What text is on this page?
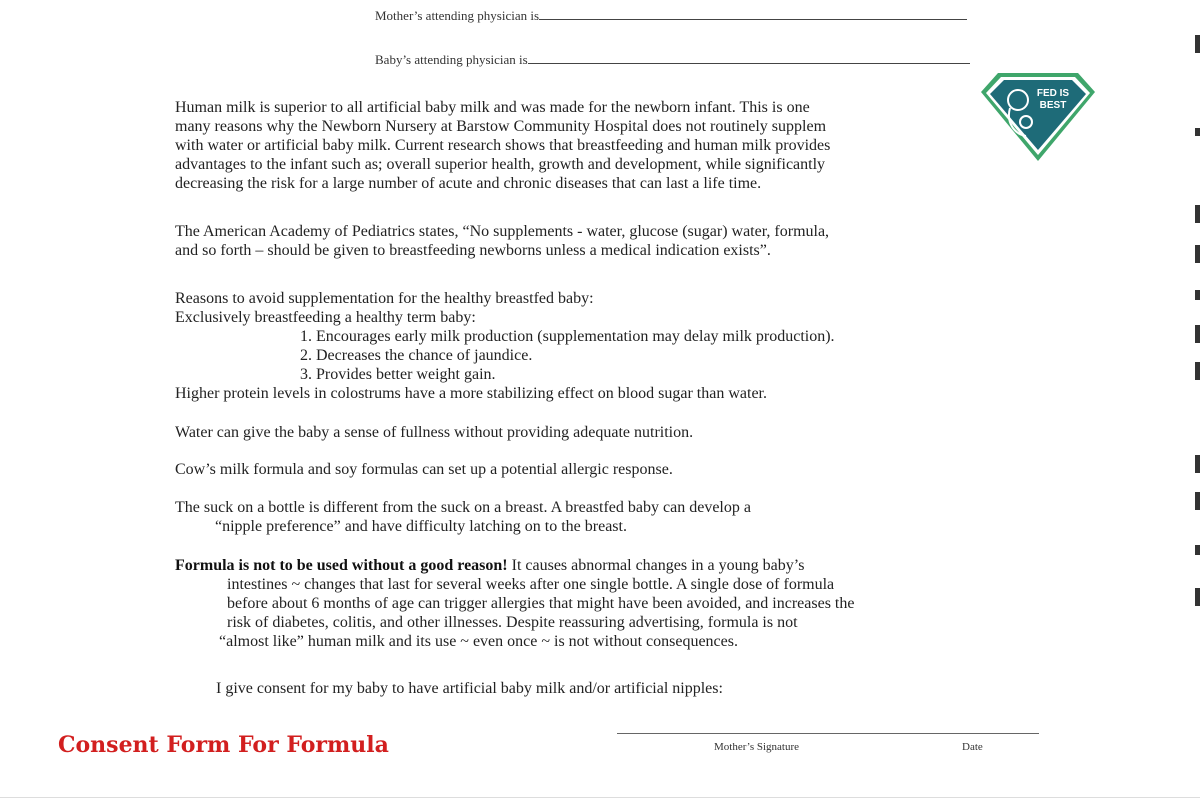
Mother’s attending physician is
Baby’s attending physician is
Human milk is superior to all artificial baby milk and was made for the newborn infant. This is one
many reasons why the Newborn Nursery at Barstow Community Hospital does not routinely supplem
with water or artificial baby milk. Current research shows that breastfeeding and human milk provides
advantages to the infant such as; overall superior health, growth and development, while significantly
decreasing the risk for a large number of acute and chronic diseases that can last a life time.
The American Academy of Pediatrics states, “No supplements - water, glucose (sugar) water, formula,
and so forth – should be given to breastfeeding newborns unless a medical indication exists”.
Reasons to avoid supplementation for the healthy breastfed baby:
Exclusively breastfeeding a healthy term baby:
1. Encourages early milk production (supplementation may delay milk production).
2. Decreases the chance of jaundice.
3. Provides better weight gain.
Higher protein levels in colostrums have a more stabilizing effect on blood sugar than water.
Water can give the baby a sense of fullness without providing adequate nutrition.
Cow’s milk formula and soy formulas can set up a potential allergic response.
The suck on a bottle is different from the suck on a breast. A breastfed baby can develop a
“nipple preference” and have difficulty latching on to the breast.
Formula is not to be used without a good reason! It causes abnormal changes in a young baby’s
intestines ~ changes that last for several weeks after one single bottle. A single dose of formula
before about 6 months of age can trigger allergies that might have been avoided, and increases the
risk of diabetes, colitis, and other illnesses. Despite reassuring advertising, formula is not
“almost like” human milk and its use ~ even once ~ is not without consequences.
I give consent for my baby to have artificial baby milk and/or artificial nipples:
Mother’s Signature	Date
Consent Form For Formula
FED IS
BEST
